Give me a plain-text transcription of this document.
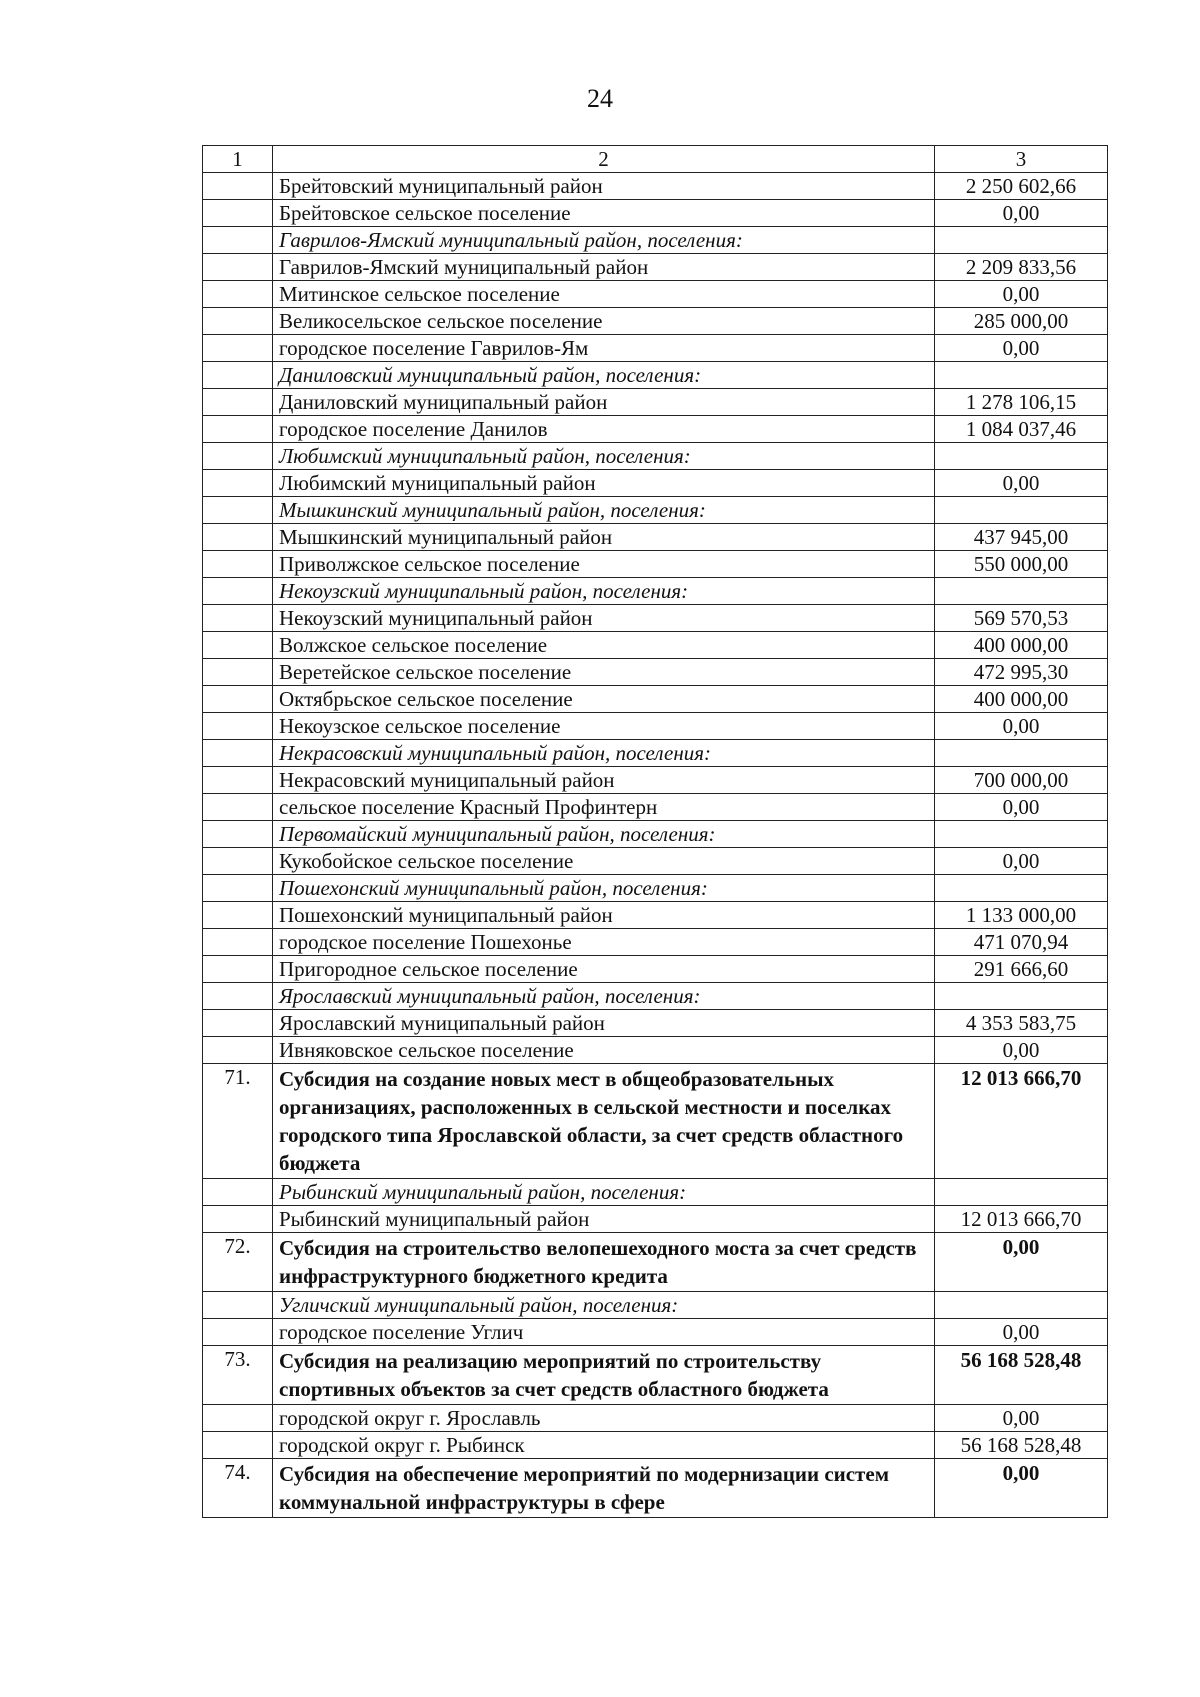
24
1	2	3
	Брейтовский муниципальный район	2 250 602,66
	Брейтовское сельское поселение	0,00
	Гаврилов-Ямский муниципальный район, поселения:	
	Гаврилов-Ямский муниципальный район	2 209 833,56
	Митинское сельское поселение	0,00
	Великосельское сельское поселение	285 000,00
	городское поселение Гаврилов-Ям	0,00
	Даниловский муниципальный район, поселения:	
	Даниловский муниципальный район	1 278 106,15
	городское поселение Данилов	1 084 037,46
	Любимский муниципальный район, поселения:	
	Любимский муниципальный район	0,00
	Мышкинский муниципальный район, поселения:	
	Мышкинский муниципальный район	437 945,00
	Приволжское сельское поселение	550 000,00
	Некоузский муниципальный район, поселения:	
	Некоузский муниципальный район	569 570,53
	Волжское сельское поселение	400 000,00
	Веретейское сельское поселение	472 995,30
	Октябрьское сельское поселение	400 000,00
	Некоузское сельское поселение	0,00
	Некрасовский муниципальный район, поселения:	
	Некрасовский муниципальный район	700 000,00
	сельское поселение Красный Профинтерн	0,00
	Первомайский муниципальный район, поселения:	
	Кукобойское сельское поселение	0,00
	Пошехонский муниципальный район, поселения:	
	Пошехонский муниципальный район	1 133 000,00
	городское поселение Пошехонье	471 070,94
	Пригородное сельское поселение	291 666,60
	Ярославский муниципальный район, поселения:	
	Ярославский муниципальный район	4 353 583,75
	Ивняковское сельское поселение	0,00
71.	Субсидия на создание новых мест в общеобразовательных организациях, расположенных в сельской местности и поселках городского типа Ярославской области, за счет средств областного бюджета	12 013 666,70
	Рыбинский муниципальный район, поселения:	
	Рыбинский муниципальный район	12 013 666,70
72.	Субсидия на строительство велопешеходного моста за счет средств инфраструктурного бюджетного кредита	0,00
	Угличский муниципальный район, поселения:	
	городское поселение Углич	0,00
73.	Субсидия на реализацию мероприятий по строительству спортивных объектов за счет средств областного бюджета	56 168 528,48
	городской округ г. Ярославль	0,00
	городской округ г. Рыбинск	56 168 528,48
74.	Субсидия на обеспечение мероприятий по модернизации систем коммунальной инфраструктуры в сфере	0,00
